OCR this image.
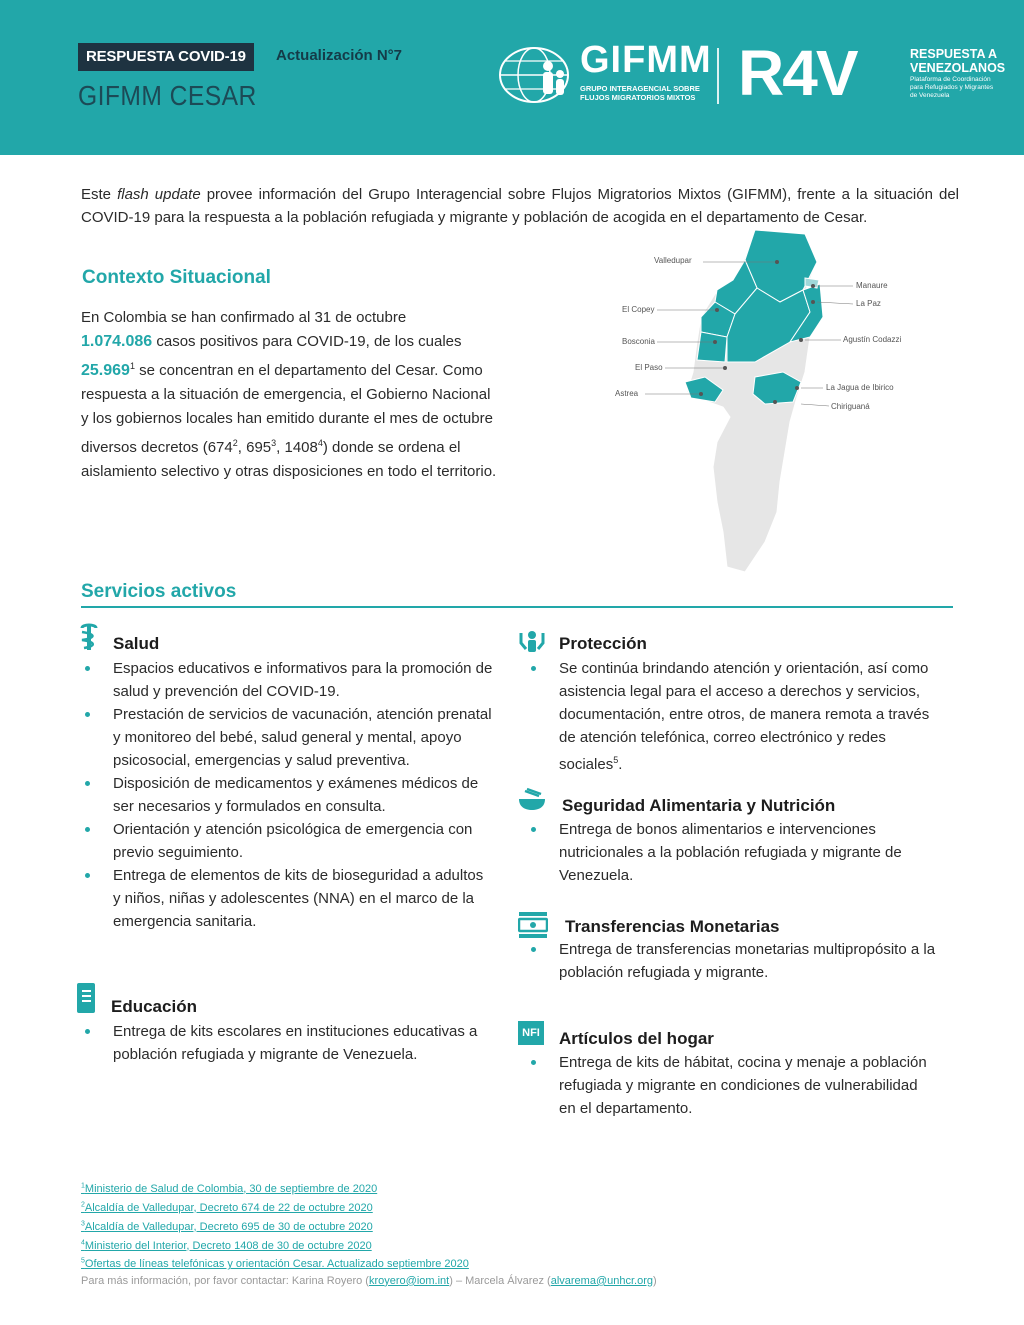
RESPUESTA COVID-19	Actualización N°7
GIFMM CESAR
GIFMM
GRUPO INTERAGENCIAL SOBRE
FLUJOS MIGRATORIOS MIXTOS R4V	RESPUESTA A
VENEZOLANOS
Plataforma de Coordinación
para Refugiados y Migrantes
de Venezuela

Este flash update provee información del Grupo Interagencial sobre Flujos Migratorios Mixtos (GIFMM), frente a la situación del COVID-19 para la respuesta a la población refugiada y migrante y población de acogida en el departamento de Cesar.

Contexto Situacional

En Colombia se han confirmado al 31 de octubre
1.074.086 casos positivos para COVID-19, de los cuales 25.969$^1$ se concentran en el departamento del Cesar. Como respuesta a la situación de emergencia, el Gobierno Nacional y los gobiernos locales han emitido durante el mes de octubre diversos decretos ($674^2$, $695^3$, 1408$^4$) donde se ordena el aislamiento selectivo y otras disposiciones en todo el territorio.

Valledupar
Manaure
La Paz
El Copey
Bosconia	Agustín Codazzi
El Paso
Astrea
La Jagua de Ibirico
Chiriguaná
Servicios activos
Salud
Espacios educativos e informativos para la promoción de salud y prevención del COVID-19.
Prestación de servicios de vacunación, atención prenatal y monitoreo del bebé, salud general y mental, apoyo psicosocial, emergencias y salud preventiva.
Disposición de medicamentos y exámenes médicos de ser necesarios y formulados en consulta.
Orientación y atención psicológica de emergencia con previo seguimiento.
Entrega de elementos de kits de bioseguridad a adultos y niños, niñas y adolescentes (NNA) en el marco de la emergencia sanitaria.
Educación
Entrega de kits escolares en instituciones educativas a población refugiada y migrante de Venezuela.
Protección
Se continúa brindando atención y orientación, así como asistencia legal para el acceso a derechos y servicios, documentación, entre otros, de manera remota a través de atención telefónica, correo electrónico y redes sociales$^5$.
Seguridad Alimentaria y Nutrición
Entrega de bonos alimentarios e intervenciones nutricionales a la población refugiada y migrante de Venezuela.
Transferencias Monetarias
Entrega de transferencias monetarias multipropósito a la población refugiada y migrante.
NFI Artículos del hogar
Entrega de kits de hábitat, cocina y menaje a población refugiada y migrante en condiciones de vulnerabilidad en el departamento.
$^1$Ministerio de Salud de Colombia, 30 de septiembre de 2020
$^2$Alcaldía de Valledupar, Decreto 674 de 22 de octubre 2020
$^3$Alcaldía de Valledupar, Decreto 695 de 30 de octubre 2020
$^4$Ministerio del Interior, Decreto 1408 de 30 de octubre 2020
$^5$Ofertas de líneas telefónicas y orientación Cesar. Actualizado septiembre 2020
Para más información, por favor contactar: Karina Royero (kroyero@iom.int) – Marcela Álvarez (alvarema@unhcr.org)
